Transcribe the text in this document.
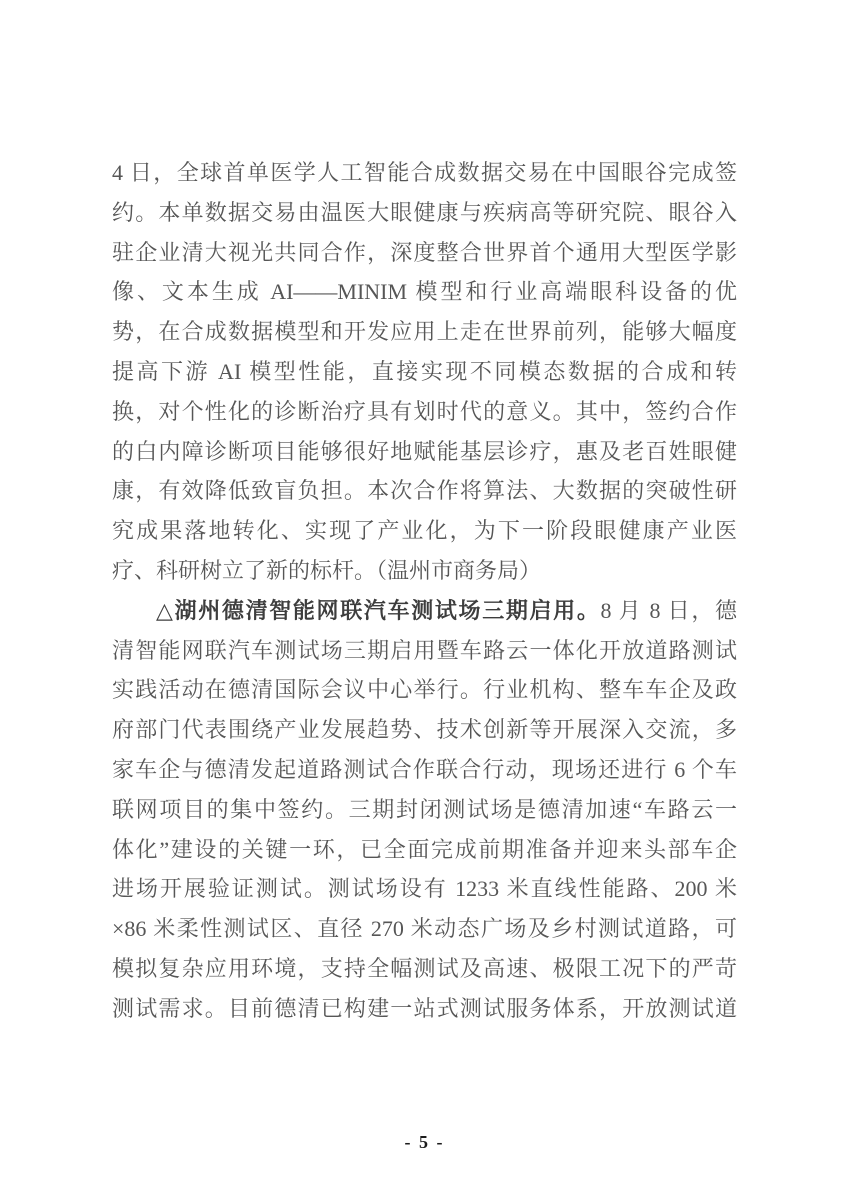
4 日，全球首单医学人工智能合成数据交易在中国眼谷完成签
约。本单数据交易由温医大眼健康与疾病高等研究院、眼谷入
驻企业清大视光共同合作，深度整合世界首个通用大型医学影
像、文本生成 AI——MINIM 模型和行业高端眼科设备的优
势，在合成数据模型和开发应用上走在世界前列，能够大幅度
提高下游 AI 模型性能，直接实现不同模态数据的合成和转
换，对个性化的诊断治疗具有划时代的意义。其中，签约合作
的白内障诊断项目能够很好地赋能基层诊疗，惠及老百姓眼健
康，有效降低致盲负担。本次合作将算法、大数据的突破性研
究成果落地转化、实现了产业化，为下一阶段眼健康产业医
疗、科研树立了新的标杆。（温州市商务局）
△湖州德清智能网联汽车测试场三期启用。8 月 8 日，德
清智能网联汽车测试场三期启用暨车路云一体化开放道路测试
实践活动在德清国际会议中心举行。行业机构、整车车企及政
府部门代表围绕产业发展趋势、技术创新等开展深入交流，多
家车企与德清发起道路测试合作联合行动，现场还进行 6 个车
联网项目的集中签约。三期封闭测试场是德清加速“车路云一
体化”建设的关键一环，已全面完成前期准备并迎来头部车企
进场开展验证测试。测试场设有 1233 米直线性能路、200 米
×86 米柔性测试区、直径 270 米动态广场及乡村测试道路，可
模拟复杂应用环境，支持全幅测试及高速、极限工况下的严苛
测试需求。目前德清已构建一站式测试服务体系，开放测试道
- 5 -
